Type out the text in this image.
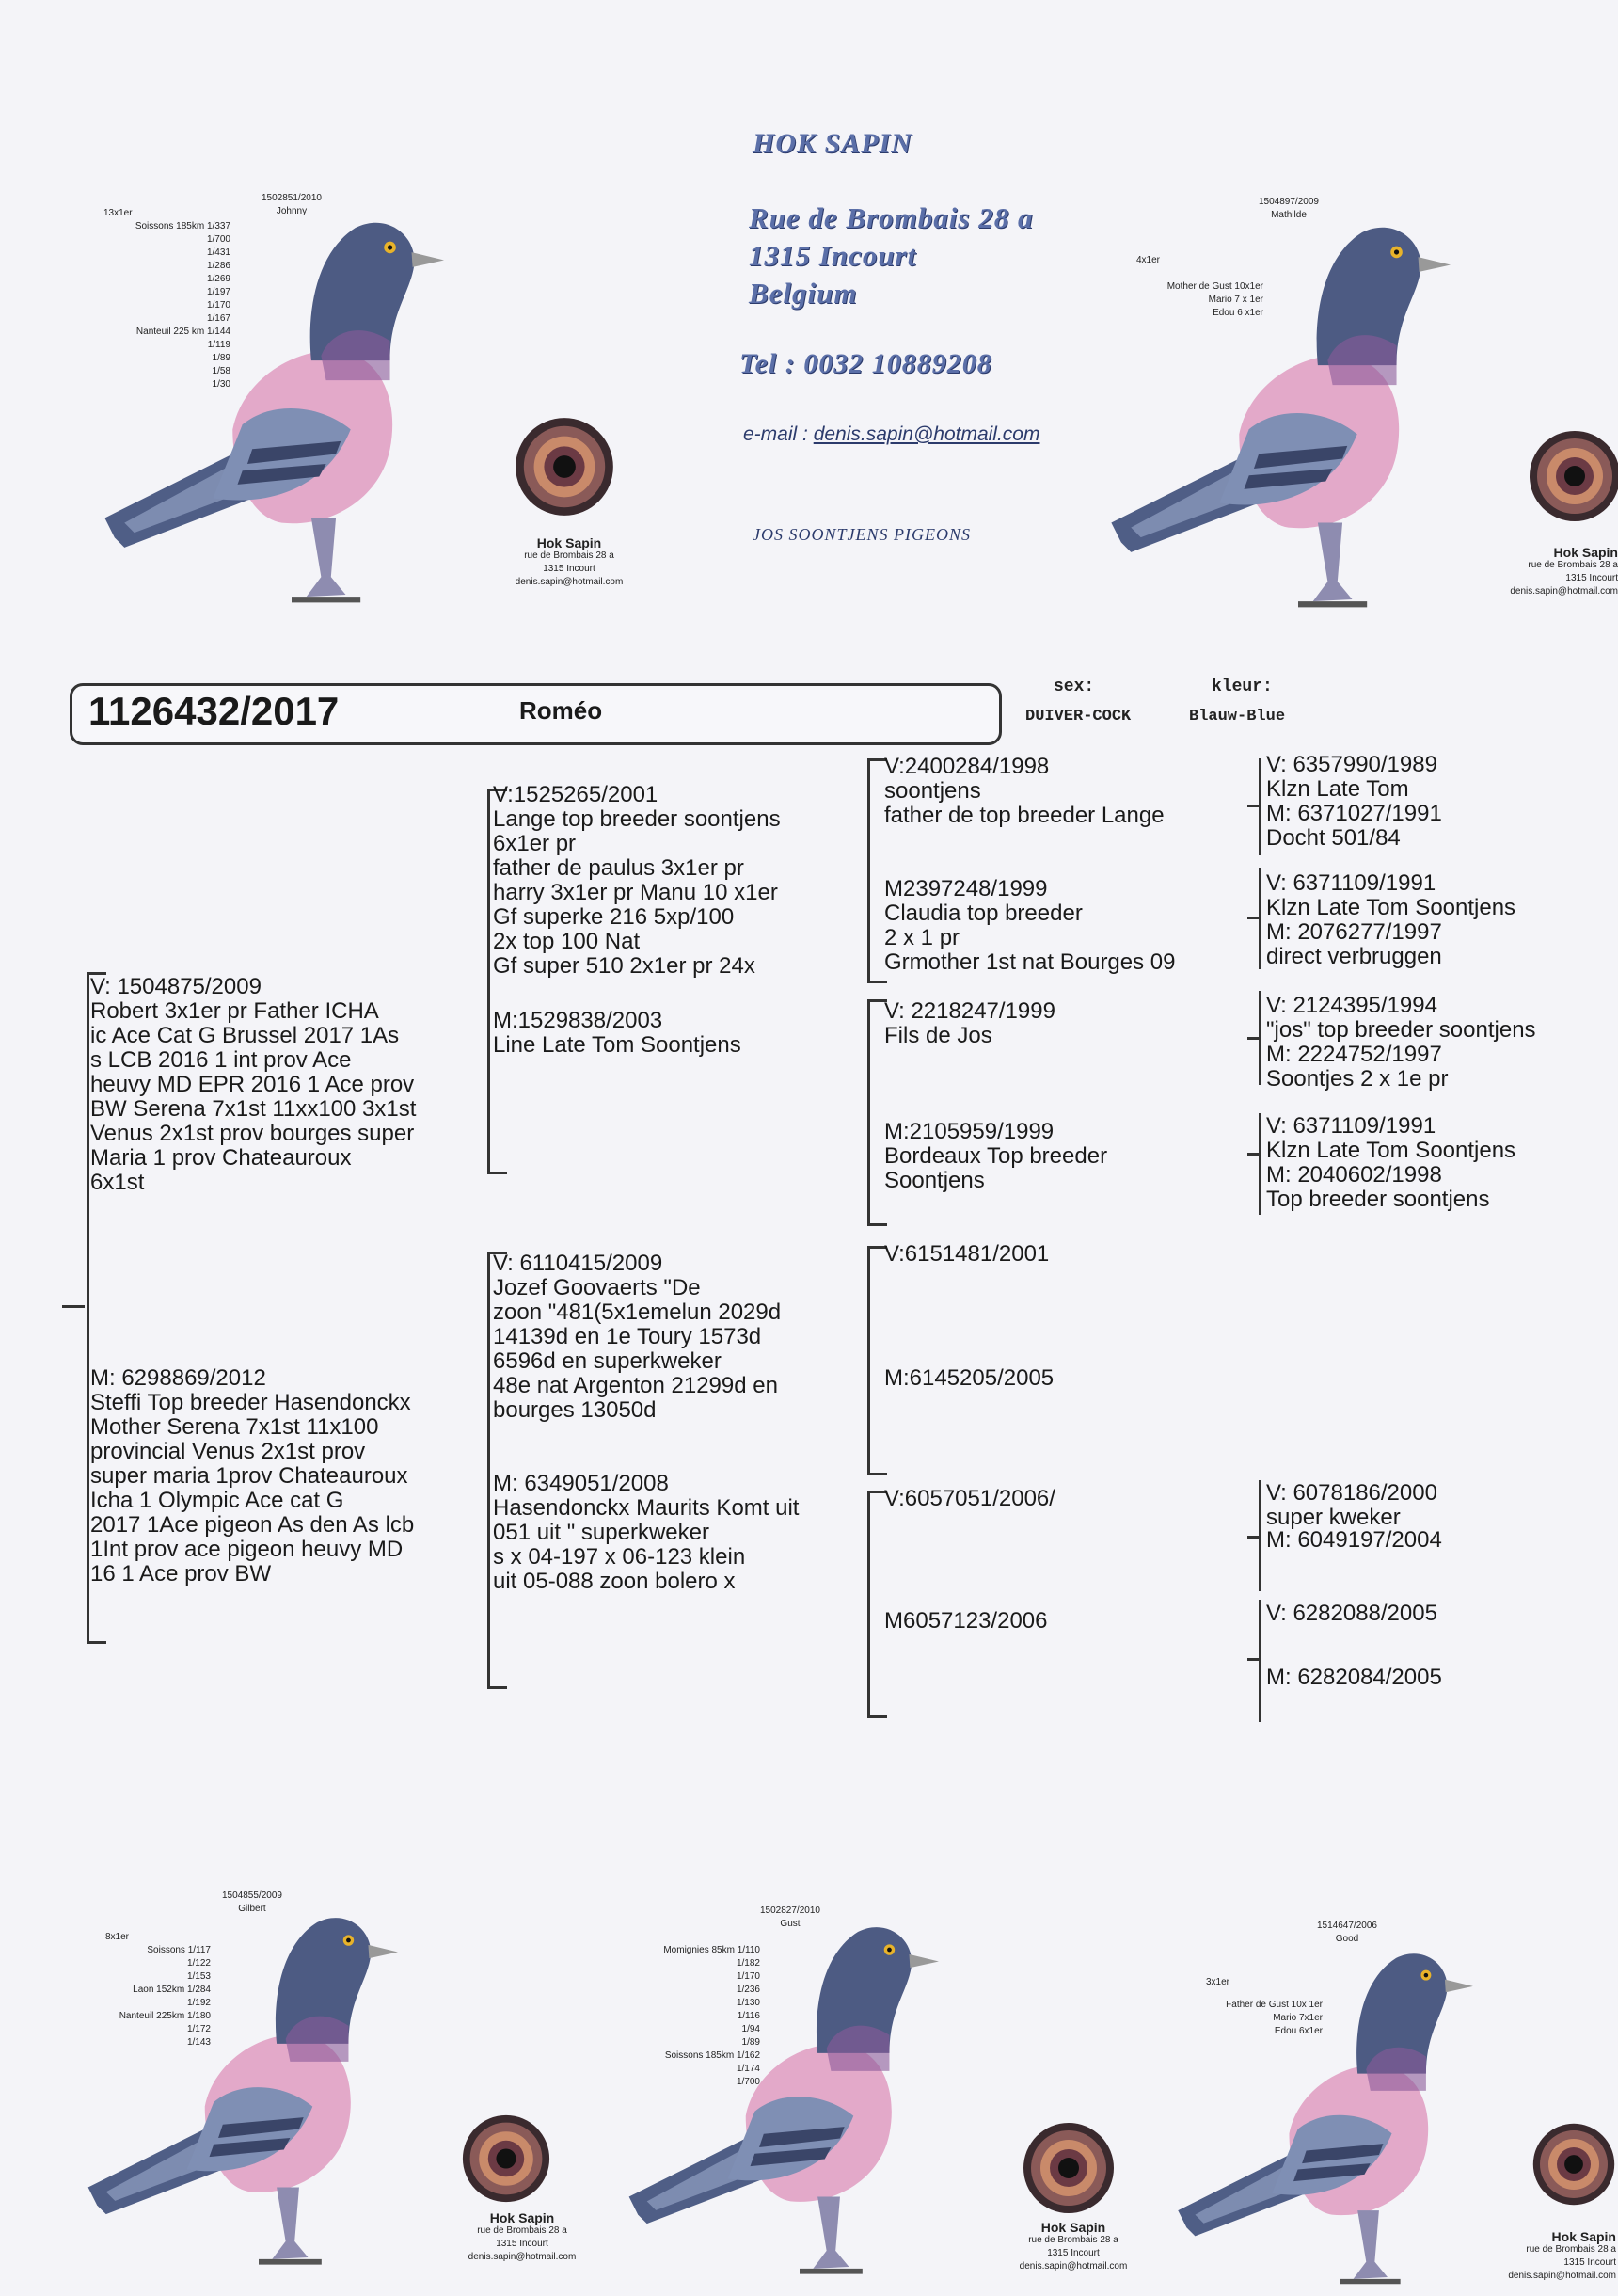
1502851/2010
Johnny
13x1er
Soissons 185km 1/337
1/700
1/431
1/286
1/269
1/197
1/170
1/167
Nanteuil 225 km 1/144
1/119
1/89
1/58
1/30
Hok Sapin
rue de Brombais 28 a
1315 Incourt
denis.sapin@hotmail.com
HOK SAPIN
Rue de Brombais 28 a
1315 Incourt
Belgium
Tel : 0032 10889208
e-mail : denis.sapin@hotmail.com
JOS SOONTJENS PIGEONS
1504897/2009
Mathilde
4x1er
Mother de Gust 10x1er
Mario 7 x 1er
Edou 6 x1er
Hok Sapin
rue de Brombais 28 a
1315 Incourt
denis.sapin@hotmail.com
1126432/2017	Roméo
sex:
DUIVER-COCK
kleur:
Blauw-Blue
V: 1504875/2009
Robert 3x1er pr Father ICHA
ic Ace Cat G Brussel 2017 1As
s LCB 2016 1 int prov Ace
heuvy MD EPR 2016 1 Ace prov
BW Serena 7x1st 11xx100 3x1st
Venus 2x1st prov bourges super
Maria 1 prov Chateauroux
6x1st
M: 6298869/2012
Steffi Top breeder Hasendonckx
Mother Serena 7x1st 11x100
provincial Venus 2x1st prov
super maria 1prov Chateauroux
Icha 1 Olympic Ace cat G
2017 1Ace pigeon As den As lcb
1Int prov ace pigeon heuvy MD
16 1 Ace prov BW
V:1525265/2001
Lange top breeder soontjens
6x1er pr
father de paulus 3x1er pr
harry 3x1er pr Manu 10 x1er
Gf superke 216 5xp/100
2x top 100 Nat
Gf super 510 2x1er pr 24x
M:1529838/2003
Line Late Tom Soontjens
V: 6110415/2009
Jozef Goovaerts "De
zoon "481(5x1emelun 2029d
14139d en 1e Toury 1573d
6596d en superkweker
48e nat Argenton 21299d en
bourges 13050d
M: 6349051/2008
Hasendonckx Maurits Komt uit
051 uit " superkweker
s x 04-197 x 06-123 klein
uit 05-088 zoon bolero x
V:2400284/1998
soontjens
father de top breeder Lange
M2397248/1999
Claudia top breeder
2 x 1 pr
Grmother 1st nat Bourges 09
V: 2218247/1999
Fils de Jos
M:2105959/1999
Bordeaux Top breeder
Soontjens
V:6151481/2001
M:6145205/2005
V:6057051/2006/
M6057123/2006
V: 6357990/1989
Klzn Late Tom
M: 6371027/1991
Docht 501/84
V: 6371109/1991
Klzn Late Tom Soontjens
M: 2076277/1997
direct verbruggen
V: 2124395/1994
"jos" top breeder soontjens
M: 2224752/1997
Soontjes 2 x 1e pr
V: 6371109/1991
Klzn Late Tom Soontjens
M: 2040602/1998
Top breeder soontjens
V: 6078186/2000
super kweker
M: 6049197/2004
V: 6282088/2005
M: 6282084/2005
1504855/2009
Gilbert
8x1er
Soissons 1/117
1/122
1/153
Laon 152km 1/284
1/192
Nanteuil 225km 1/180
1/172
1/143
Hok Sapin
rue de Brombais 28 a
1315 Incourt
denis.sapin@hotmail.com
1502827/2010
Gust
Momignies 85km 1/110
1/182
1/170
1/236
1/130
1/116
1/94
1/89
Soissons 185km 1/162
1/174
1/700
Hok Sapin
rue de Brombais 28 a
1315 Incourt
denis.sapin@hotmail.com
1514647/2006
Good
3x1er
Father de Gust 10x 1er
Mario 7x1er
Edou 6x1er
Hok Sapin
rue de Brombais 28 a
1315 Incourt
denis.sapin@hotmail.com
